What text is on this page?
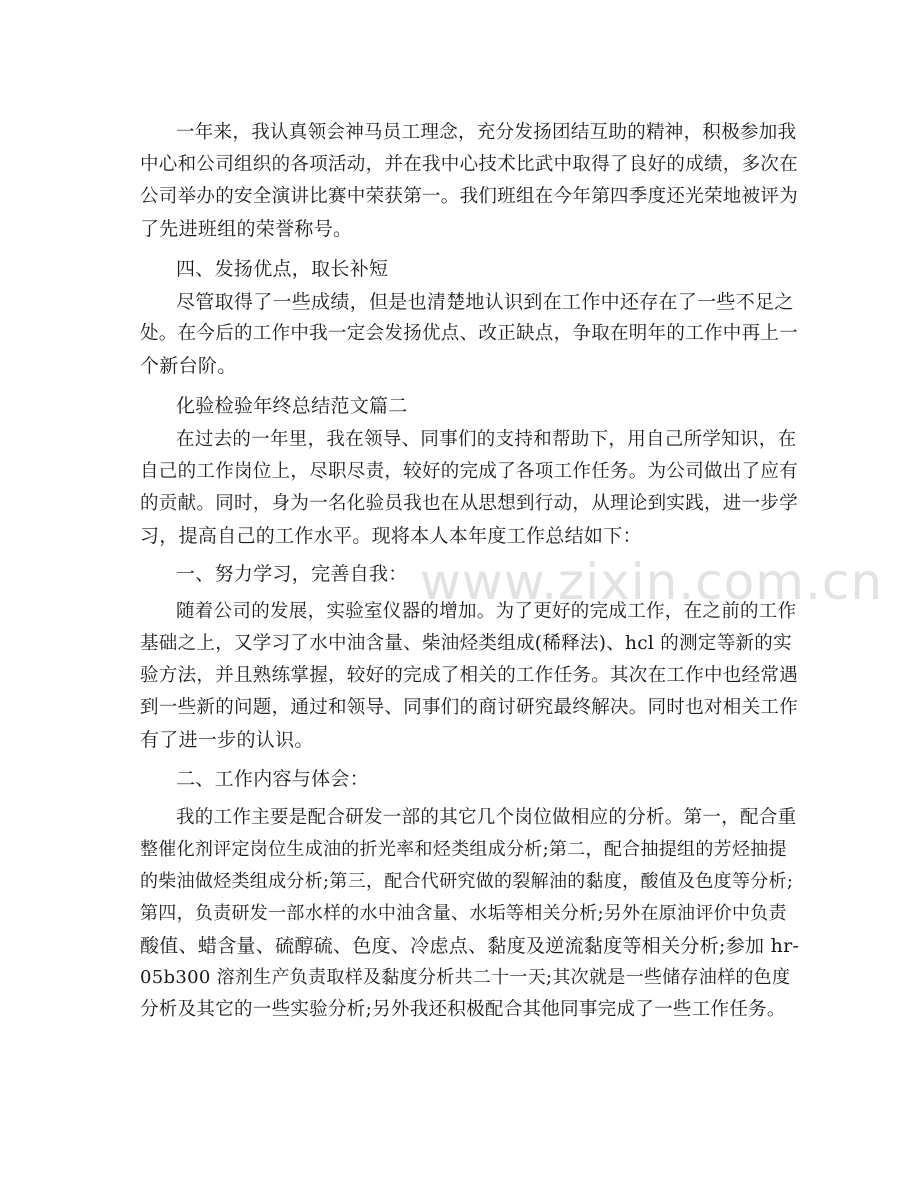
www.zixin.com.cn
一年来，我认真领会神马员工理念，充分发扬团结互助的精神，积极参加我
中心和公司组织的各项活动，并在我中心技术比武中取得了良好的成绩，多次在
公司举办的安全演讲比赛中荣获第一。我们班组在今年第四季度还光荣地被评为
了先进班组的荣誉称号。
四、发扬优点，取长补短
尽管取得了一些成绩，但是也清楚地认识到在工作中还存在了一些不足之
处。在今后的工作中我一定会发扬优点、改正缺点，争取在明年的工作中再上一
个新台阶。
化验检验年终总结范文篇二
在过去的一年里，我在领导、同事们的支持和帮助下，用自己所学知识，在
自己的工作岗位上，尽职尽责，较好的完成了各项工作任务。为公司做出了应有
的贡献。同时，身为一名化验员我也在从思想到行动，从理论到实践，进一步学
习，提高自己的工作水平。现将本人本年度工作总结如下：
一、努力学习，完善自我：
随着公司的发展，实验室仪器的增加。为了更好的完成工作，在之前的工作
基础之上，又学习了水中油含量、柴油烃类组成(稀释法)、hcl 的测定等新的实
验方法，并且熟练掌握，较好的完成了相关的工作任务。其次在工作中也经常遇
到一些新的问题，通过和领导、同事们的商讨研究最终解决。同时也对相关工作
有了进一步的认识。
二、工作内容与体会：
我的工作主要是配合研发一部的其它几个岗位做相应的分析。第一，配合重
整催化剂评定岗位生成油的折光率和烃类组成分析;第二，配合抽提组的芳烃抽提
的柴油做烃类组成分析;第三，配合代研究做的裂解油的黏度，酸值及色度等分析;
第四，负责研发一部水样的水中油含量、水垢等相关分析;另外在原油评价中负责
酸值、蜡含量、硫醇硫、色度、冷虑点、黏度及逆流黏度等相关分析;参加 hr-
05b300 溶剂生产负责取样及黏度分析共二十一天;其次就是一些储存油样的色度
分析及其它的一些实验分析;另外我还积极配合其他同事完成了一些工作任务。
